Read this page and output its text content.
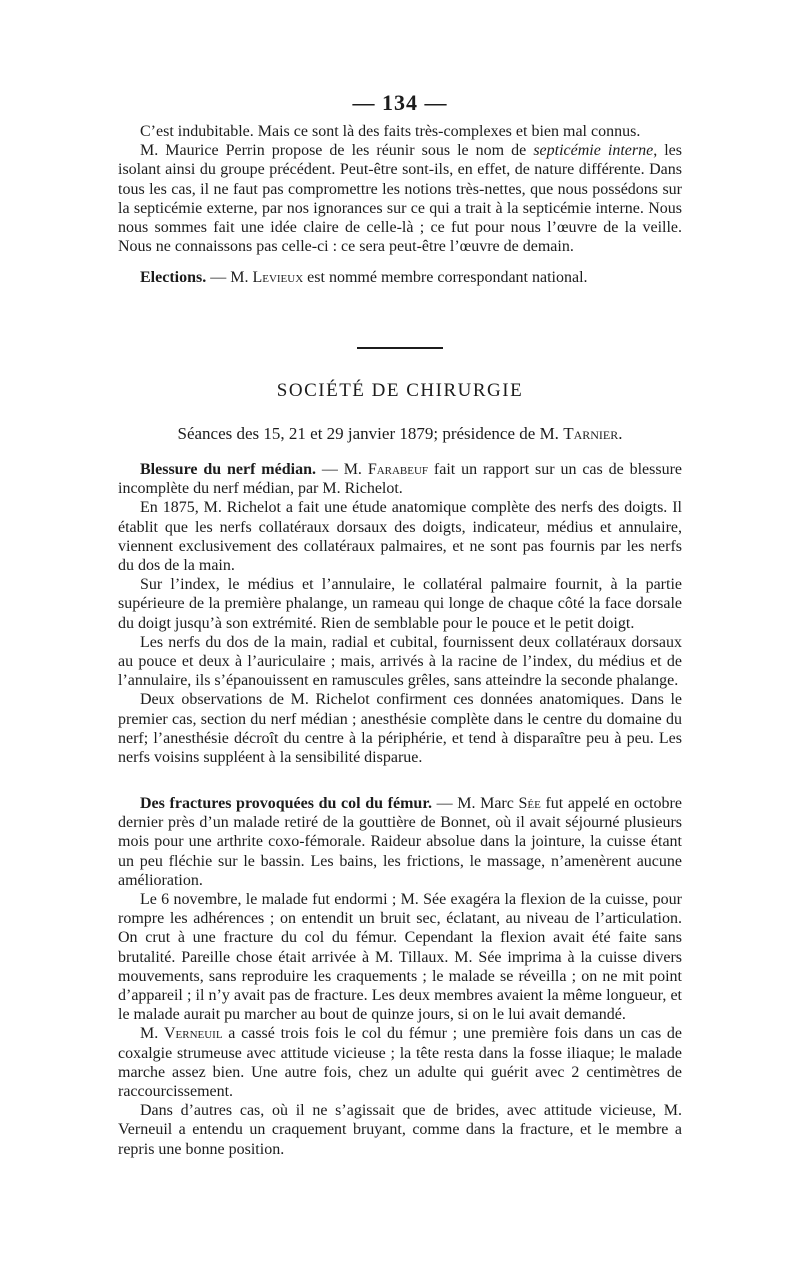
— 134 —

C’est indubitable. Mais ce sont là des faits très-complexes et bien mal connus.

M. Maurice Perrin propose de les réunir sous le nom de septicémie interne, les isolant ainsi du groupe précédent. Peut-être sont-ils, en effet, de nature différente. Dans tous les cas, il ne faut pas compromettre les notions très-nettes, que nous possédons sur la septicémie externe, par nos ignorances sur ce qui a trait à la septicémie interne. Nous nous sommes fait une idée claire de celle-là ; ce fut pour nous l’œuvre de la veille. Nous ne connaissons pas celle-ci : ce sera peut-être l’œuvre de demain.

Elections. — M. Levieux est nommé membre correspondant national.

SOCIÉTÉ DE CHIRURGIE
Séances des 15, 21 et 29 janvier 1879; présidence de M. Tarnier.

Blessure du nerf médian. — M. Farabeuf fait un rapport sur un cas de blessure incomplète du nerf médian, par M. Richelot.

En 1875, M. Richelot a fait une étude anatomique complète des nerfs des doigts. Il établit que les nerfs collatéraux dorsaux des doigts, indicateur, médius et annulaire, viennent exclusivement des collatéraux palmaires, et ne sont pas fournis par les nerfs du dos de la main.

Sur l’index, le médius et l’annulaire, le collatéral palmaire fournit, à la partie supérieure de la première phalange, un rameau qui longe de chaque côté la face dorsale du doigt jusqu’à son extrémité. Rien de semblable pour le pouce et le petit doigt.

Les nerfs du dos de la main, radial et cubital, fournissent deux collatéraux dorsaux au pouce et deux à l’auriculaire ; mais, arrivés à la racine de l’index, du médius et de l’annulaire, ils s’épanouissent en ramuscules grêles, sans atteindre la seconde phalange.

Deux observations de M. Richelot confirment ces données anatomiques. Dans le premier cas, section du nerf médian ; anesthésie complète dans le centre du domaine du nerf; l’anesthésie décroît du centre à la périphérie, et tend à disparaître peu à peu. Les nerfs voisins suppléent à la sensibilité disparue.

Des fractures provoquées du col du fémur. — M. Marc Sée fut appelé en octobre dernier près d’un malade retiré de la gouttière de Bonnet, où il avait séjourné plusieurs mois pour une arthrite coxo-fémorale. Raideur absolue dans la jointure, la cuisse étant un peu fléchie sur le bassin. Les bains, les frictions, le massage, n’amenèrent aucune amélioration.

Le 6 novembre, le malade fut endormi ; M. Sée exagéra la flexion de la cuisse, pour rompre les adhérences ; on entendit un bruit sec, éclatant, au niveau de l’articulation. On crut à une fracture du col du fémur. Cependant la flexion avait été faite sans brutalité. Pareille chose était arrivée à M. Tillaux. M. Sée imprima à la cuisse divers mouvements, sans reproduire les craquements ; le malade se réveilla ; on ne mit point d’appareil ; il n’y avait pas de fracture. Les deux membres avaient la même longueur, et le malade aurait pu marcher au bout de quinze jours, si on le lui avait demandé.

M. Verneuil a cassé trois fois le col du fémur ; une première fois dans un cas de coxalgie strumeuse avec attitude vicieuse ; la tête resta dans la fosse iliaque; le malade marche assez bien. Une autre fois, chez un adulte qui guérit avec 2 centimètres de raccourcissement.

Dans d’autres cas, où il ne s’agissait que de brides, avec attitude vicieuse, M. Verneuil a entendu un craquement bruyant, comme dans la fracture, et le membre a repris une bonne position.
